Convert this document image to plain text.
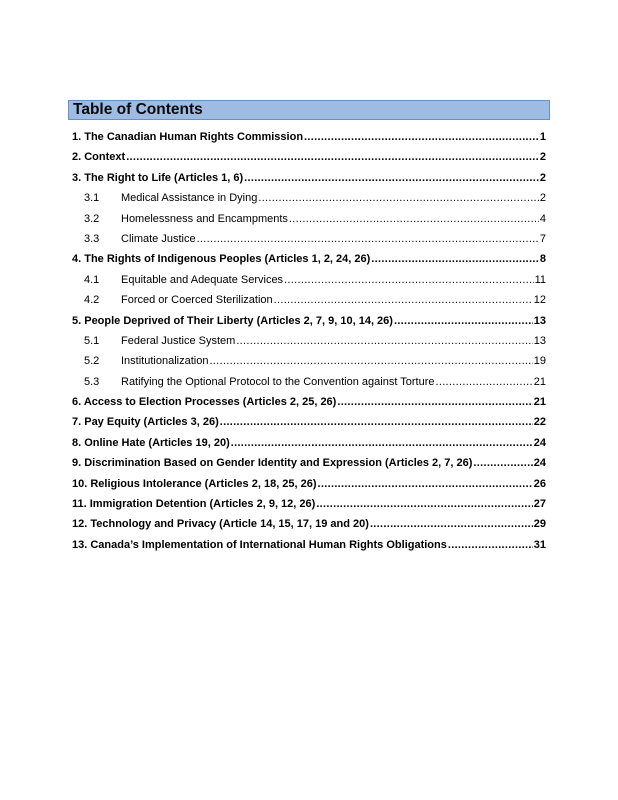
Table of Contents
1. The Canadian Human Rights Commission .....	1
2. Context .....	2
3. The Right to Life (Articles 1, 6) .....	2
3.1	Medical Assistance in Dying .....	2
3.2	Homelessness and Encampments .....	4
3.3	Climate Justice .....	7
4. The Rights of Indigenous Peoples (Articles 1, 2, 24, 26) .....	8
4.1	Equitable and Adequate Services .....	11
4.2	Forced or Coerced Sterilization .....	12
5. People Deprived of Their Liberty (Articles 2, 7, 9, 10, 14, 26) .....	13
5.1	Federal Justice System .....	13
5.2	Institutionalization .....	19
5.3	Ratifying the Optional Protocol to the Convention against Torture .....	21
6. Access to Election Processes (Articles 2, 25, 26) .....	21
7. Pay Equity (Articles 3, 26) .....	22
8. Online Hate (Articles 19, 20) .....	24
9. Discrimination Based on Gender Identity and Expression (Articles 2, 7, 26) .....	24
10. Religious Intolerance (Articles 2, 18, 25, 26) .....	26
11. Immigration Detention (Articles 2, 9, 12, 26) .....	27
12. Technology and Privacy (Article 14, 15, 17, 19 and 20) .....	29
13. Canada’s Implementation of International Human Rights Obligations .....	31
